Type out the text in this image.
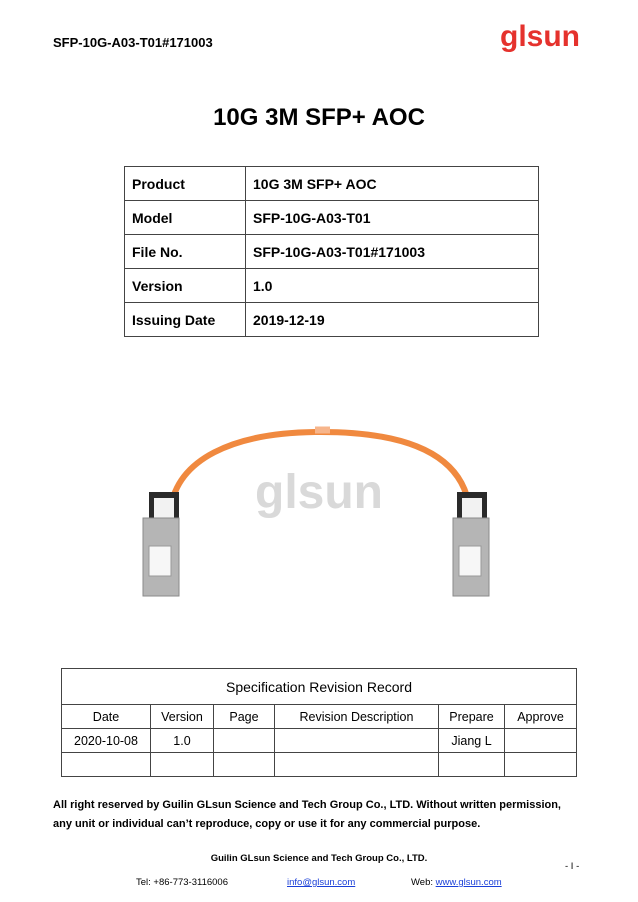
SFP-10G-A03-T01#171003	glsun
10G 3M SFP+ AOC
Product	10G 3M SFP+ AOC
Model	SFP-10G-A03-T01
File No.	SFP-10G-A03-T01#171003
Version	1.0
Issuing Date	2019-12-19
glsun
Specification Revision Record					
Date	Version	Page	Revision Description	Prepare	Approve
2020-10-08	1.0			Jiang L	

All right reserved by Guilin GLsun Science and Tech Group Co., LTD. Without written permission,
any unit or individual can’t reproduce, copy or use it for any commercial purpose.
Guilin GLsun Science and Tech Group Co., LTD.
- I -
Tel: +86-773-3116006	info@glsun.com	Web: www.glsun.com
